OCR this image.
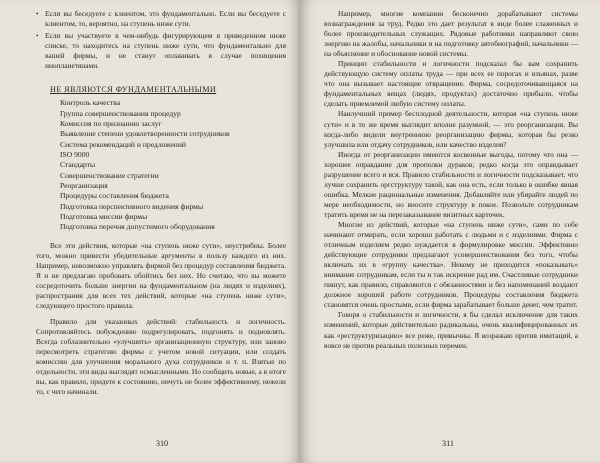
• Если вы беседуете с клиентом, это фундаментально. Если вы беседуете с клиентом, то, вероятно, на ступень ниже сути.
• Если вы участвуете в чем-нибудь фигурирующем в приведенном ниже списке, то находитесь на ступень ниже сути, что фундаментально для вашей фирмы, и не станут оплакивать в случае похищения инопланетянами.
НЕ ЯВЛЯЮТСЯ ФУНДАМЕНТАЛЬНЫМИ
Контроль качества
Группа совершенствования процедур
Комиссия по признанию заслуг
Выявление степени удовлетворенности сотрудников
Система рекомендаций и предложений
ISO 9000
Стандарты
Совершенствование стратегии
Реорганизация
Процедуры составления бюджета
Подготовка перспективного видения фирмы
Подготовка миссии фирмы
Подготовка перечня допустимого оборудования

Все эти действия, которые «на ступень ниже сути», неустрибны. Более того, можно привести убедительные аргументы в пользу каждого из них. Например, невозможно управлять фирмой без процедур составления бюджета. Я и не предлагаю пробовать обойтись без них. Но считаю, что вы можете сосредоточить больше энергии на фундаментальном (на людях и изделиях), распространив для всех тех действий, которые «на ступень ниже сути», следующего простого правила.

Правило для указанных действий: стабильность и логичность. Сопротивляйтесь побуждению подрегулировать, подгонять и подновлять. Всегда соблазнительно «улучшить» организационную структуру, или заново пересмотреть стратегию фирмы с учетом новой ситуации, или создать комиссию для улучшения морального духа сотрудников и т. п. Взятые по отдельности, эти виды выглядят осмысленными. Но сообщить новые, а в итоге вы, как правило, придете к состоянию, ничуть не более эффективному, нежели то, с чего начинали.

310

Например, многие компании бесконечно дорабатывают системы вознаграждения за труд. Редко это дает результат в виде более слаженных и более производительных служащих. Рядовые работники направляют свою энергию на жалобы, начальники и на подготовку автобиографий, начальники — на объяснение и обоснование новой системы.

Принцип стабильности и логичности подсказал бы вам сохранить действующую систему оплаты труда — при всех ее порогах и изъянах, разве что она вызывает настоящие отвращение. Фирма, сосредоточивающаяся на фундаментальных вещах (людях, продуктах) достаточно прибыли, чтобы сделать приемлемой любую систему оплаты.

Наилучший пример бесплодной деятельности, которая «на ступень ниже сути» и в то же время выглядит вполне разумной, — это реорганизация. Вы когда-либо видели внутреннюю реорганизацию фирмы, которая бы резко улучшила или отдачу сотрудников, или качество изделия?

Иногда от реорганизации имеются косвенные выгоды, потому что она — хорошее оправдание для прополки дураков; редко когда это оправдывает разрушение всего и вся. Правило стабильности и логичности подсказывает, что лучше сохранить оргструктуру такой, как она есть, если только в ошибке явная ошибка. Мелкие рациональные изменения. Добавляйте или убирайте людей по мере необходимости, но вносите структуру в покое. Позвольте сотрудникам тратить время не на перезаказывание визитных карточек.

Многие из действий, которые «на ступень ниже сути», сами по себе начинают отмирать, если хорошо работать с людьми и с изделиями. Фирма с отличным изделием редко нуждается в формулировке миссии. Эффективно действующие сотрудники предлагают усовершенствования без того, чтобы включать их в «группу качества». Некому не приходится «показывать» внимание сотрудникам, если ты и так искренне рад им. Счастливые сотрудники пишут, как правило, справляются с обязанностями и без напоминаний воздают должное хорошей работе сотрудников. Процедуры составления бюджета становятся очень простыми, если фирма зарабатывает больше денег, чем тратит.

Говоря о стабильности и логичности, я бы сделал исключение для таких изменений, которые действительно радикальны, очень квалифицированных их как «реструктуризацию» все реже, привычны. Я возражаю против имитаций, а вовсе не против реальных полезных перемен.

311
